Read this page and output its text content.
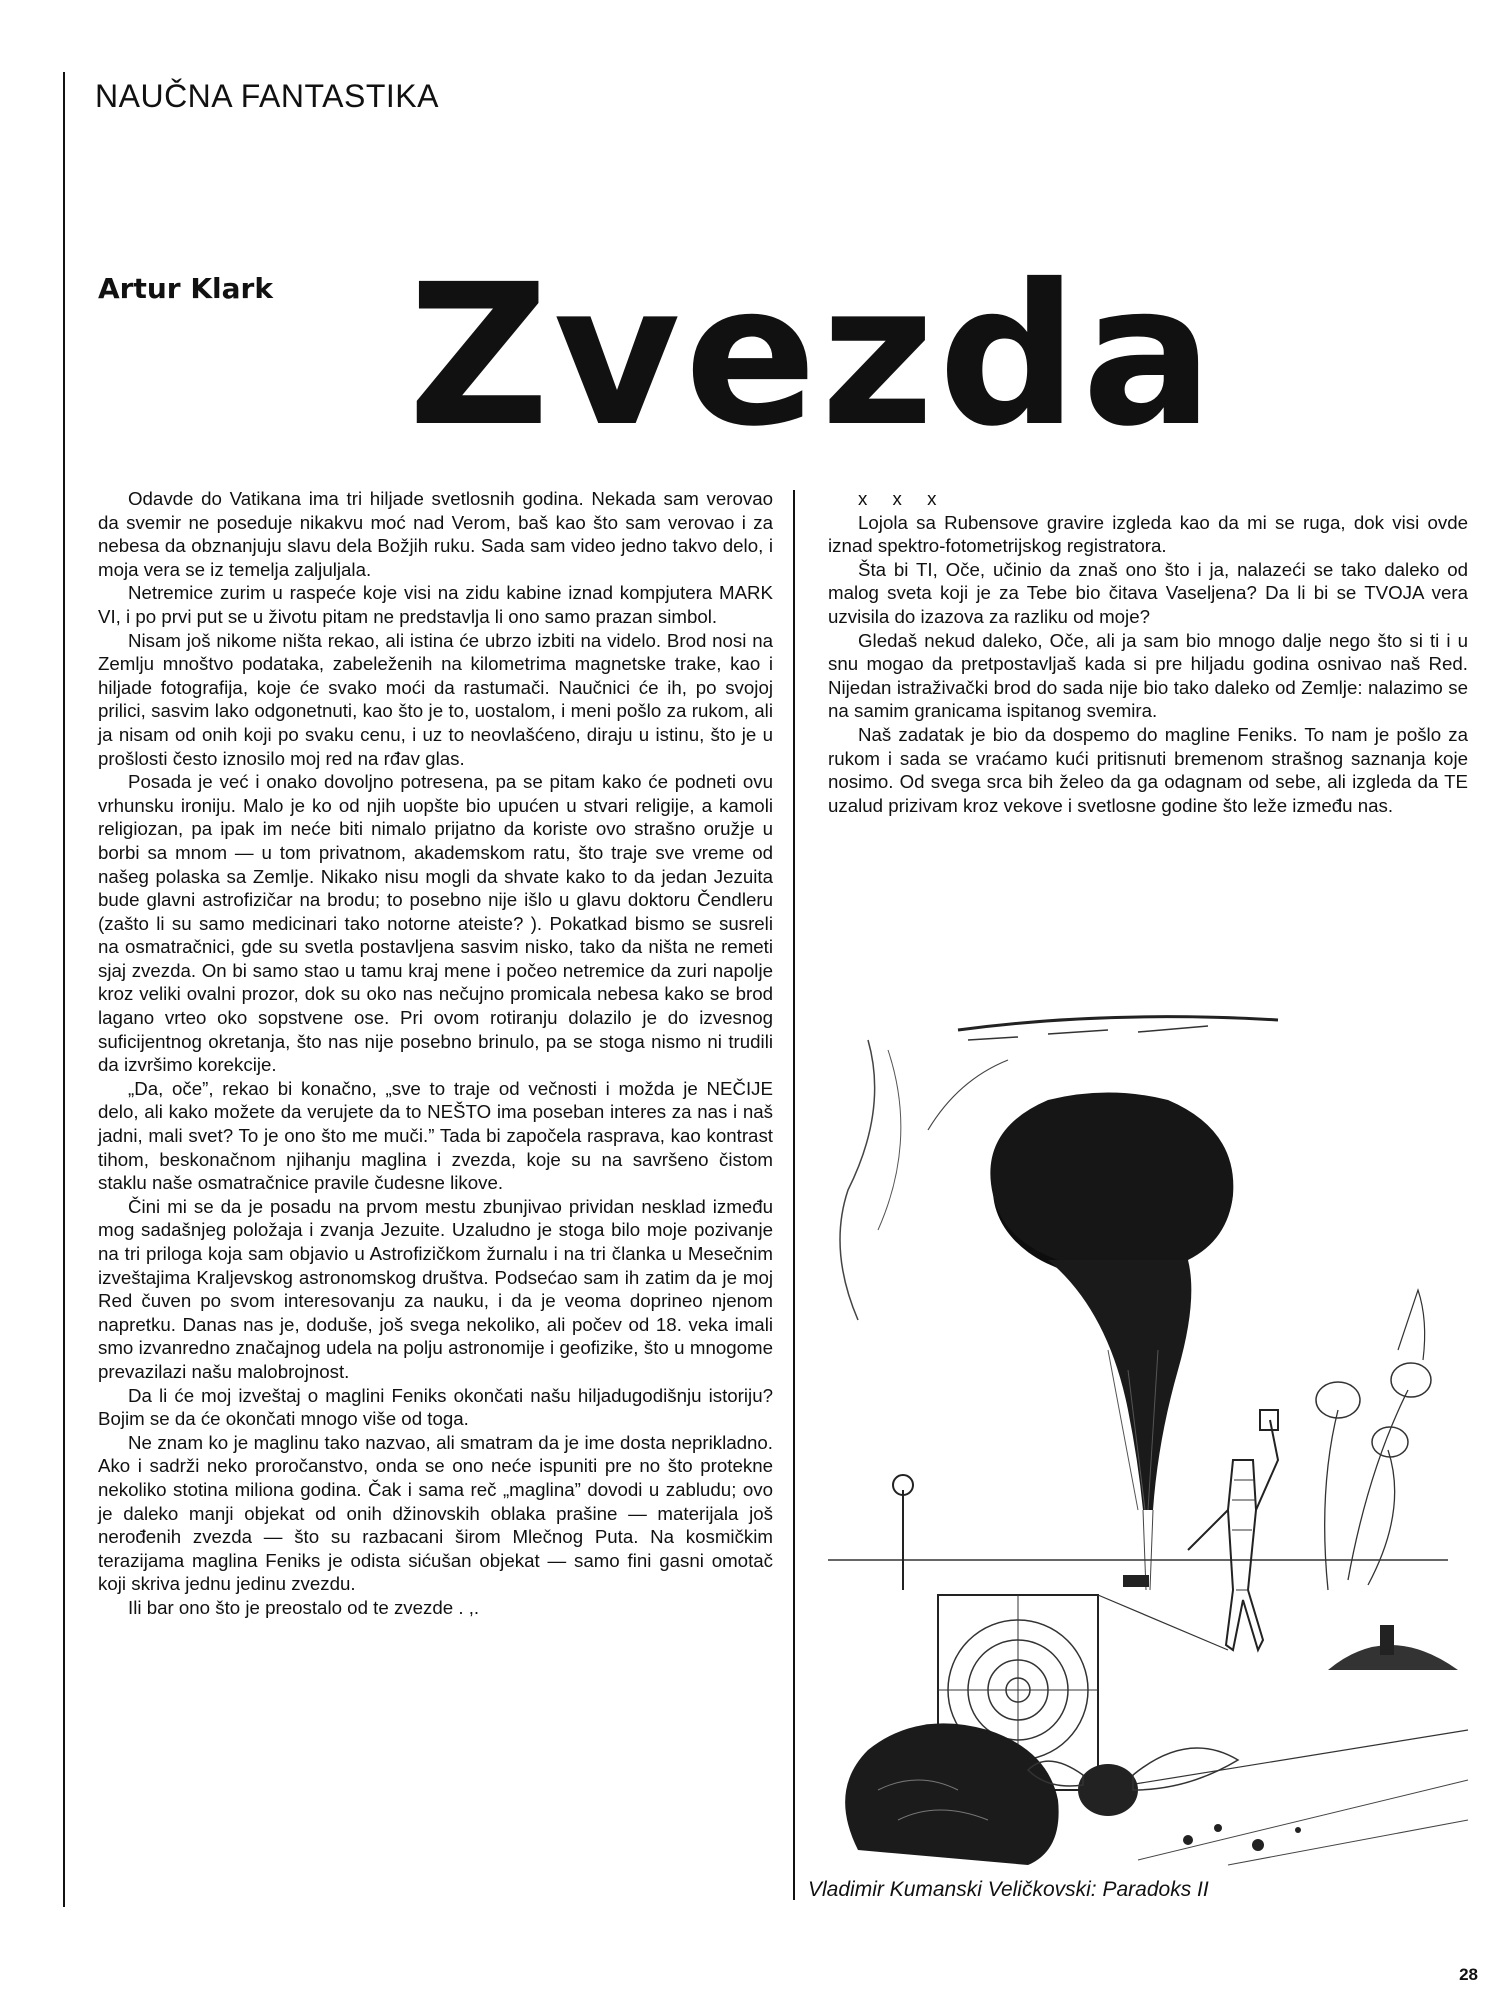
NAUČNA FANTASTIKA
Artur Klark Zvezda

Odavde do Vatikana ima tri hiljade svetlosnih godina. Nekada sam verovao da svemir ne poseduje nikakvu moć nad Verom, baš kao što sam verovao i za nebesa da obznanjuju slavu dela Božjih ruku. Sada sam video jedno takvo delo, i moja vera se iz temelja zaljuljala.

Netremice zurim u raspeće koje visi na zidu kabine iznad kompjutera MARK VI, i po prvi put se u životu pitam ne predstavlja li ono samo prazan simbol.

Nisam još nikome ništa rekao, ali istina će ubrzo izbiti na videlo. Brod nosi na Zemlju mnoštvo podataka, zabeleženih na kilometrima magnetske trake, kao i hiljade fotografija, koje će svako moći da rastumači. Naučnici će ih, po svojoj prilici, sasvim lako odgonetnuti, kao što je to, uostalom, i meni pošlo za rukom, ali ja nisam od onih koji po svaku cenu, i uz to neovlašćeno, diraju u istinu, što je u prošlosti često iznosilo moj red na rđav glas.

Posada je već i onako dovoljno potresena, pa se pitam kako će podneti ovu vrhunsku ironiju. Malo je ko od njih uopšte bio upućen u stvari religije, a kamoli religiozan, pa ipak im neće biti nimalo prijatno da koriste ovo strašno oružje u borbi sa mnom — u tom privatnom, akademskom ratu, što traje sve vreme od našeg polaska sa Zemlje. Nikako nisu mogli da shvate kako to da jedan Jezuita bude glavni astrofizičar na brodu; to posebno nije išlo u glavu doktoru Čendleru (zašto li su samo medicinari tako notorne ateiste? ). Pokatkad bismo se susreli na osmatračnici, gde su svetla postavljena sasvim nisko, tako da ništa ne remeti sjaj zvezda. On bi samo stao u tamu kraj mene i počeo netremice da zuri napolje kroz veliki ovalni prozor, dok su oko nas nečujno promicala nebesa kako se brod lagano vrteo oko sopstvene ose. Pri ovom rotiranju dolazilo je do izvesnog suficijentnog okretanja, što nas nije posebno brinulo, pa se stoga nismo ni trudili da izvršimo korekcije.

„Da, oče”, rekao bi konačno, „sve to traje od večnosti i možda je NEČIJE delo, ali kako možete da verujete da to NEŠTO ima poseban interes za nas i naš jadni, mali svet? To je ono što me muči.” Tada bi započela rasprava, kao kontrast tihom, beskonačnom njihanju maglina i zvezda, koje su na savršeno čistom staklu naše osmatračnice pravile čudesne likove.

Čini mi se da je posadu na prvom mestu zbunjivao prividan nesklad između mog sadašnjeg položaja i zvanja Jezuite. Uzaludno je stoga bilo moje pozivanje na tri priloga koja sam objavio u Astrofizičkom žurnalu i na tri članka u Mesečnim izveštajima Kraljevskog astronomskog društva. Podsećao sam ih zatim da je moj Red čuven po svom interesovanju za nauku, i da je veoma doprineo njenom napretku. Danas nas je, doduše, još svega nekoliko, ali počev od 18. veka imali smo izvanredno značajnog udela na polju astronomije i geofizike, što u mnogome prevazilazi našu malobrojnost.

Da li će moj izveštaj o maglini Feniks okončati našu hiljadugodišnju istoriju? Bojim se da će okončati mnogo više od toga.

Ne znam ko je maglinu tako nazvao, ali smatram da je ime dosta neprikladno. Ako i sadrži neko proročanstvo, onda se ono neće ispuniti pre no što protekne nekoliko stotina miliona godina. Čak i sama reč „maglina” dovodi u zabludu; ovo je daleko manji objekat od onih džinovskih oblaka prašine — materijala još nerođenih zvezda — što su razbacani širom Mlečnog Puta. Na kosmičkim terazijama maglina Feniks je odista sićušan objekat — samo fini gasni omotač koji skriva jednu jedinu zvezdu.

Ili bar ono što je preostalo od te zvezde . ,.

x x x

Lojola sa Rubensove gravire izgleda kao da mi se ruga, dok visi ovde iznad spektro-fotometrijskog registratora.

Šta bi TI, Oče, učinio da znaš ono što i ja, nalazeći se tako daleko od malog sveta koji je za Tebe bio čitava Vaseljena? Da li bi se TVOJA vera uzvisila do izazova za razliku od moje?

Gledaš nekud daleko, Oče, ali ja sam bio mnogo dalje nego što si ti i u snu mogao da pretpostavljaš kada si pre hiljadu godina osnivao naš Red. Nijedan istraživački brod do sada nije bio tako daleko od Zemlje: nalazimo se na samim granicama ispitanog svemira.

Naš zadatak je bio da dospemo do magline Feniks. To nam je pošlo za rukom i sada se vraćamo kući pritisnuti bremenom strašnog saznanja koje nosimo. Od svega srca bih želeo da ga odagnam od sebe, ali izgleda da TE uzalud prizivam kroz vekove i svetlosne godine što leže između nas.

Vladimir Kumanski Veličkovski: Paradoks II

28
